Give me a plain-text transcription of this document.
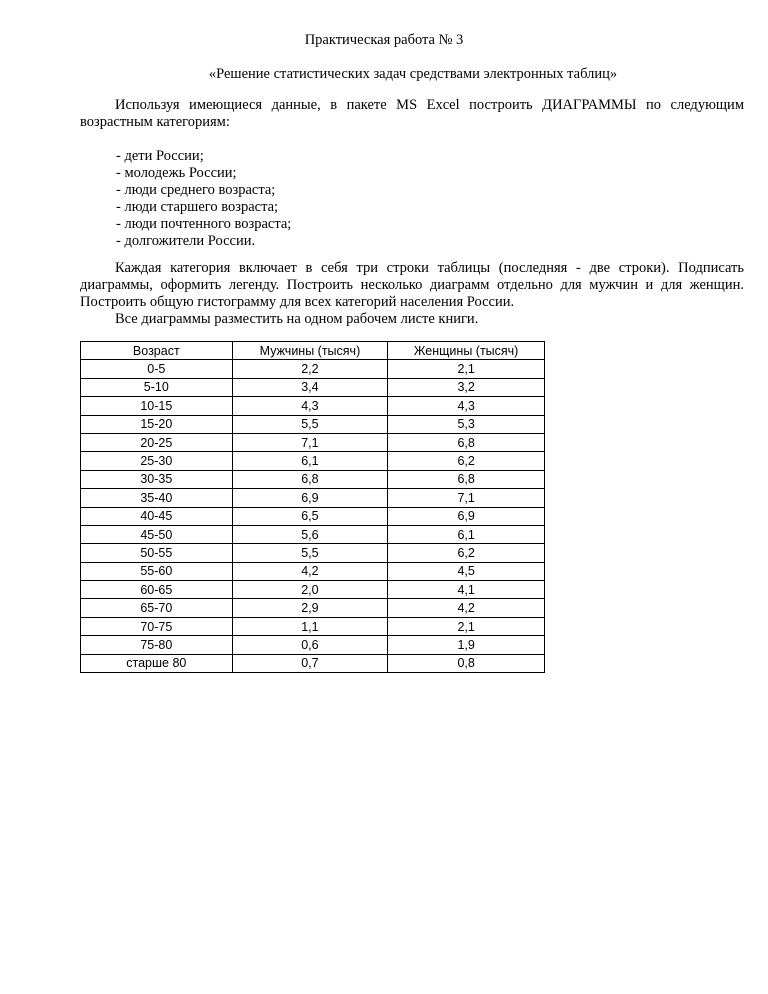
Практическая работа № 3
«Решение статистических задач средствами электронных таблиц»
Используя имеющиеся данные, в пакете MS Excel построить ДИАГРАММЫ по следующим возрастным категориям:
- дети России;
- молодежь России;
- люди среднего возраста;
- люди старшего возраста;
- люди почтенного возраста;
- долгожители России.
Каждая категория включает в себя три строки таблицы (последняя - две строки). Подписать диаграммы, оформить легенду. Построить несколько диаграмм отдельно для мужчин и для женщин. Построить общую гистограмму для всех категорий населения России.
Все диаграммы разместить на одном рабочем листе книги.
Возраст	Мужчины (тысяч)	Женщины (тысяч)
0-5	2,2	2,1
5-10	3,4	3,2
10-15	4,3	4,3
15-20	5,5	5,3
20-25	7,1	6,8
25-30	6,1	6,2
30-35	6,8	6,8
35-40	6,9	7,1
40-45	6,5	6,9
45-50	5,6	6,1
50-55	5,5	6,2
55-60	4,2	4,5
60-65	2,0	4,1
65-70	2,9	4,2
70-75	1,1	2,1
75-80	0,6	1,9
старше 80	0,7	0,8
